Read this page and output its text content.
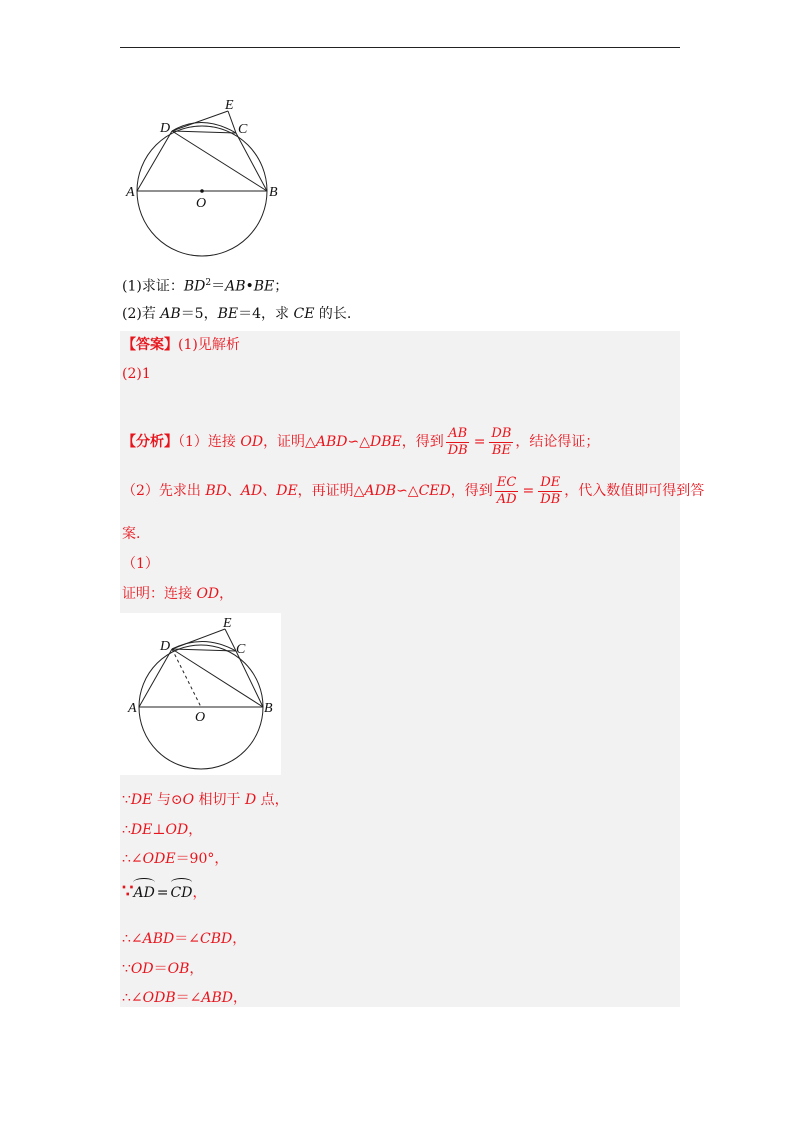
A	B
C
D
E
O
(1)求证：$BD^2=AB•BE$；
(2)若 AB＝5，BE＝4，求 CE 的长.
【答案】(1)见解析
(2)1
【分析】（1）连接 OD，证明△ABD∽△DBE，得到 $\frac{AB}{DB} = \frac{DB}{BE}$ ，结论得证；
（2）先求出 BD、AD、DE，再证明△ADB∽△CED，得到 $\frac{EC}{AD} = \frac{DE}{DB}$ ，代入数值即可得到答
案.
（1）
证明：连接 OD，
A	B
C
D
E
O
∵DE 与⊙O 相切于 D 点，
∴DE⊥OD，
∴∠ODE＝90°，
∵AD = CD，
∴∠ABD＝∠CBD，
∵OD＝OB，
∴∠ODB＝∠ABD，
